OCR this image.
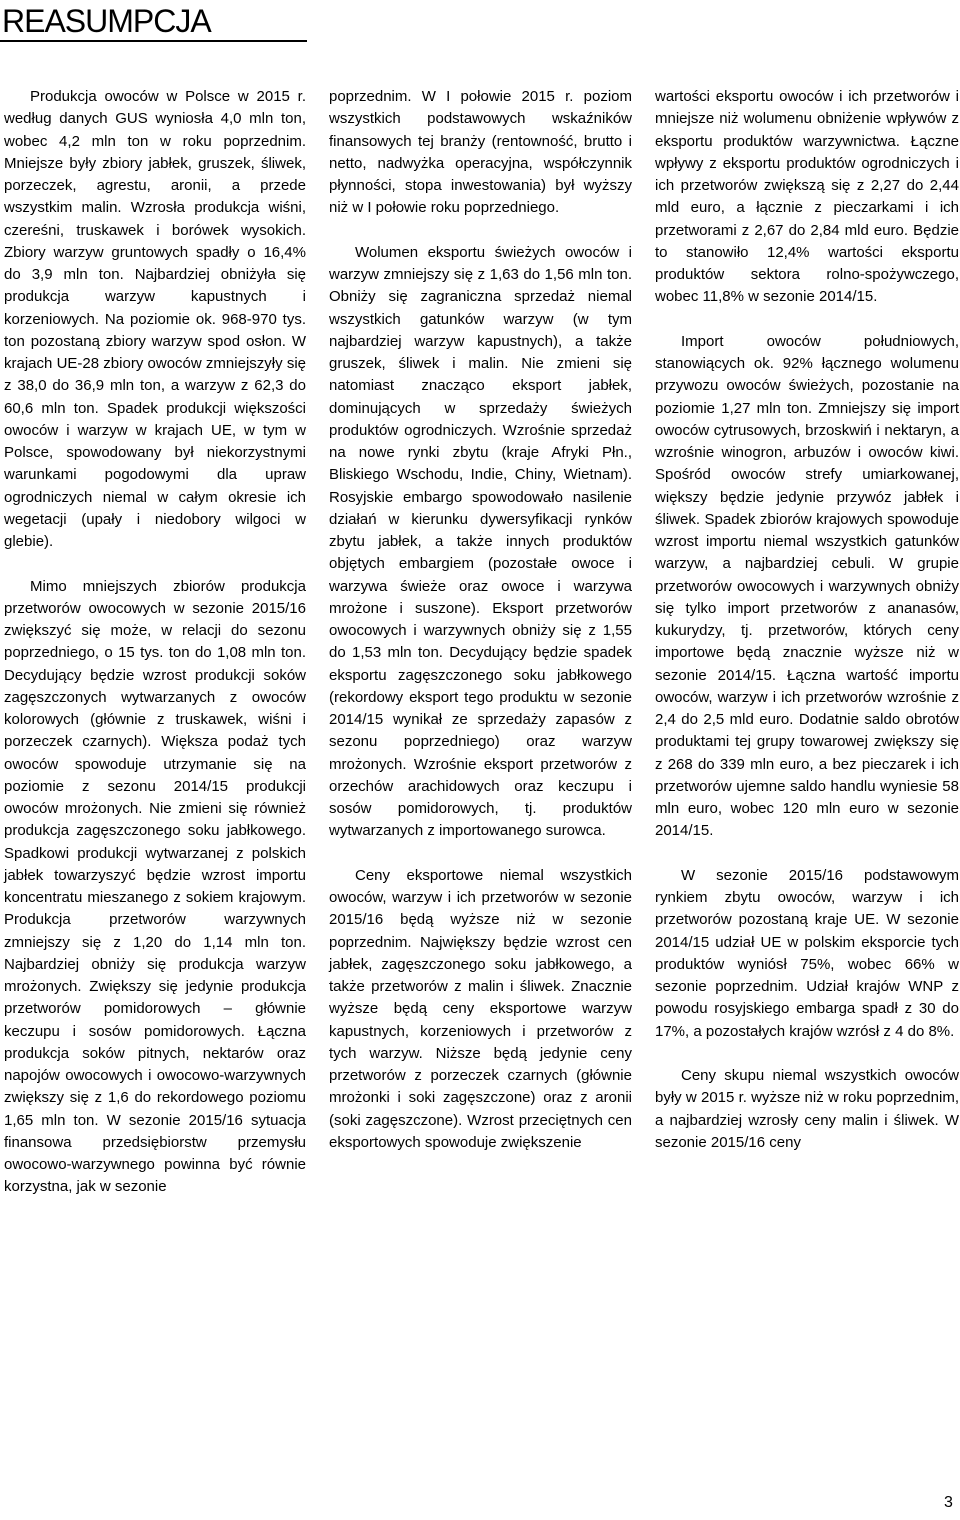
REASUMPCJA

Produkcja owoców w Polsce w 2015 r. według danych GUS wyniosła 4,0 mln ton, wobec 4,2 mln ton w roku poprzednim. Mniejsze były zbiory jabłek, gruszek, śliwek, porzeczek, agrestu, aronii, a przede wszystkim malin. Wzrosła produkcja wiśni, czereśni, truskawek i borówek wysokich. Zbiory warzyw gruntowych spadły o 16,4% do 3,9 mln ton. Najbardziej obniżyła się produkcja warzyw kapustnych i korzeniowych. Na poziomie ok. 968-970 tys. ton pozostaną zbiory warzyw spod osłon. W krajach UE-28 zbiory owoców zmniejszyły się z 38,0 do 36,9 mln ton, a warzyw z 62,3 do 60,6 mln ton. Spadek produkcji większości owoców i warzyw w krajach UE, w tym w Polsce, spowodowany był niekorzystnymi warunkami pogodowymi dla upraw ogrodniczych niemal w całym okresie ich wegetacji (upały i niedobory wilgoci w glebie).

Mimo mniejszych zbiorów produkcja przetworów owocowych w sezonie 2015/16 zwiększyć się może, w relacji do sezonu poprzedniego, o 15 tys. ton do 1,08 mln ton. Decydujący będzie wzrost produkcji soków zagęszczonych wytwarzanych z owoców kolorowych (głównie z truskawek, wiśni i porzeczek czarnych). Większa podaż tych owoców spowoduje utrzymanie się na poziomie z sezonu 2014/15 produkcji owoców mrożonych. Nie zmieni się również produkcja zagęszczonego soku jabłkowego. Spadkowi produkcji wytwarzanej z polskich jabłek towarzyszyć będzie wzrost importu koncentratu mieszanego z sokiem krajowym. Produkcja przetworów warzywnych zmniejszy się z 1,20 do 1,14 mln ton. Najbardziej obniży się produkcja warzyw mrożonych. Zwiększy się jedynie produkcja przetworów pomidorowych – głównie keczupu i sosów pomidorowych. Łączna produkcja soków pitnych, nektarów oraz napojów owocowych i owocowo-warzywnych zwiększy się z 1,6 do rekordowego poziomu 1,65 mln ton. W sezonie 2015/16 sytuacja finansowa przedsiębiorstw przemysłu owocowo-warzywnego powinna być równie korzystna, jak w sezonie

poprzednim. W I połowie 2015 r. poziom wszystkich podstawowych wskaźników finansowych tej branży (rentowność, brutto i netto, nadwyżka operacyjna, współczynnik płynności, stopa inwestowania) był wyższy niż w I połowie roku poprzedniego.

Wolumen eksportu świeżych owoców i warzyw zmniejszy się z 1,63 do 1,56 mln ton. Obniży się zagraniczna sprzedaż niemal wszystkich gatunków warzyw (w tym najbardziej warzyw kapustnych), a także gruszek, śliwek i malin. Nie zmieni się natomiast znacząco eksport jabłek, dominujących w sprzedaży świeżych produktów ogrodniczych. Wzrośnie sprzedaż na nowe rynki zbytu (kraje Afryki Płn., Bliskiego Wschodu, Indie, Chiny, Wietnam). Rosyjskie embargo spowodowało nasilenie działań w kierunku dywersyfikacji rynków zbytu jabłek, a także innych produktów objętych embargiem (pozostałe owoce i warzywa świeże oraz owoce i warzywa mrożone i suszone). Eksport przetworów owocowych i warzywnych obniży się z 1,55 do 1,53 mln ton. Decydujący będzie spadek eksportu zagęszczonego soku jabłkowego (rekordowy eksport tego produktu w sezonie 2014/15 wynikał ze sprzedaży zapasów z sezonu poprzedniego) oraz warzyw mrożonych. Wzrośnie eksport przetworów z orzechów arachidowych oraz keczupu i sosów pomidorowych, tj. produktów wytwarzanych z importowanego surowca.

Ceny eksportowe niemal wszystkich owoców, warzyw i ich przetworów w sezonie 2015/16 będą wyższe niż w sezonie poprzednim. Największy będzie wzrost cen jabłek, zagęszczonego soku jabłkowego, a także przetworów z malin i śliwek. Znacznie wyższe będą ceny eksportowe warzyw kapustnych, korzeniowych i przetworów z tych warzyw. Niższe będą jedynie ceny przetworów z porzeczek czarnych (głównie mrożonki i soki zagęszczone) oraz z aronii (soki zagęszczone). Wzrost przeciętnych cen eksportowych spowoduje zwiększenie

wartości eksportu owoców i ich przetworów i mniejsze niż wolumenu obniżenie wpływów z eksportu produktów warzywnictwa. Łączne wpływy z eksportu produktów ogrodniczych i ich przetworów zwiększą się z 2,27 do 2,44 mld euro, a łącznie z pieczarkami i ich przetworami z 2,67 do 2,84 mld euro. Będzie to stanowiło 12,4% wartości eksportu produktów sektora rolno-spożywczego, wobec 11,8% w sezonie 2014/15.

Import owoców południowych, stanowiących ok. 92% łącznego wolumenu przywozu owoców świeżych, pozostanie na poziomie 1,27 mln ton. Zmniejszy się import owoców cytrusowych, brzoskwiń i nektaryn, a wzrośnie winogron, arbuzów i owoców kiwi. Spośród owoców strefy umiarkowanej, większy będzie jedynie przywóz jabłek i śliwek. Spadek zbiorów krajowych spowoduje wzrost importu niemal wszystkich gatunków warzyw, a najbardziej cebuli. W grupie przetworów owocowych i warzywnych obniży się tylko import przetworów z ananasów, kukurydzy, tj. przetworów, których ceny importowe będą znacznie wyższe niż w sezonie 2014/15. Łączna wartość importu owoców, warzyw i ich przetworów wzrośnie z 2,4 do 2,5 mld euro. Dodatnie saldo obrotów produktami tej grupy towarowej zwiększy się z 268 do 339 mln euro, a bez pieczarek i ich przetworów ujemne saldo handlu wyniesie 58 mln euro, wobec 120 mln euro w sezonie 2014/15.

W sezonie 2015/16 podstawowym rynkiem zbytu owoców, warzyw i ich przetworów pozostaną kraje UE. W sezonie 2014/15 udział UE w polskim eksporcie tych produktów wyniósł 75%, wobec 66% w sezonie poprzednim. Udział krajów WNP z powodu rosyjskiego embarga spadł z 30 do 17%, a pozostałych krajów wzrósł z 4 do 8%.

Ceny skupu niemal wszystkich owoców były w 2015 r. wyższe niż w roku poprzednim, a najbardziej wzrosły ceny malin i śliwek. W sezonie 2015/16 ceny

3
